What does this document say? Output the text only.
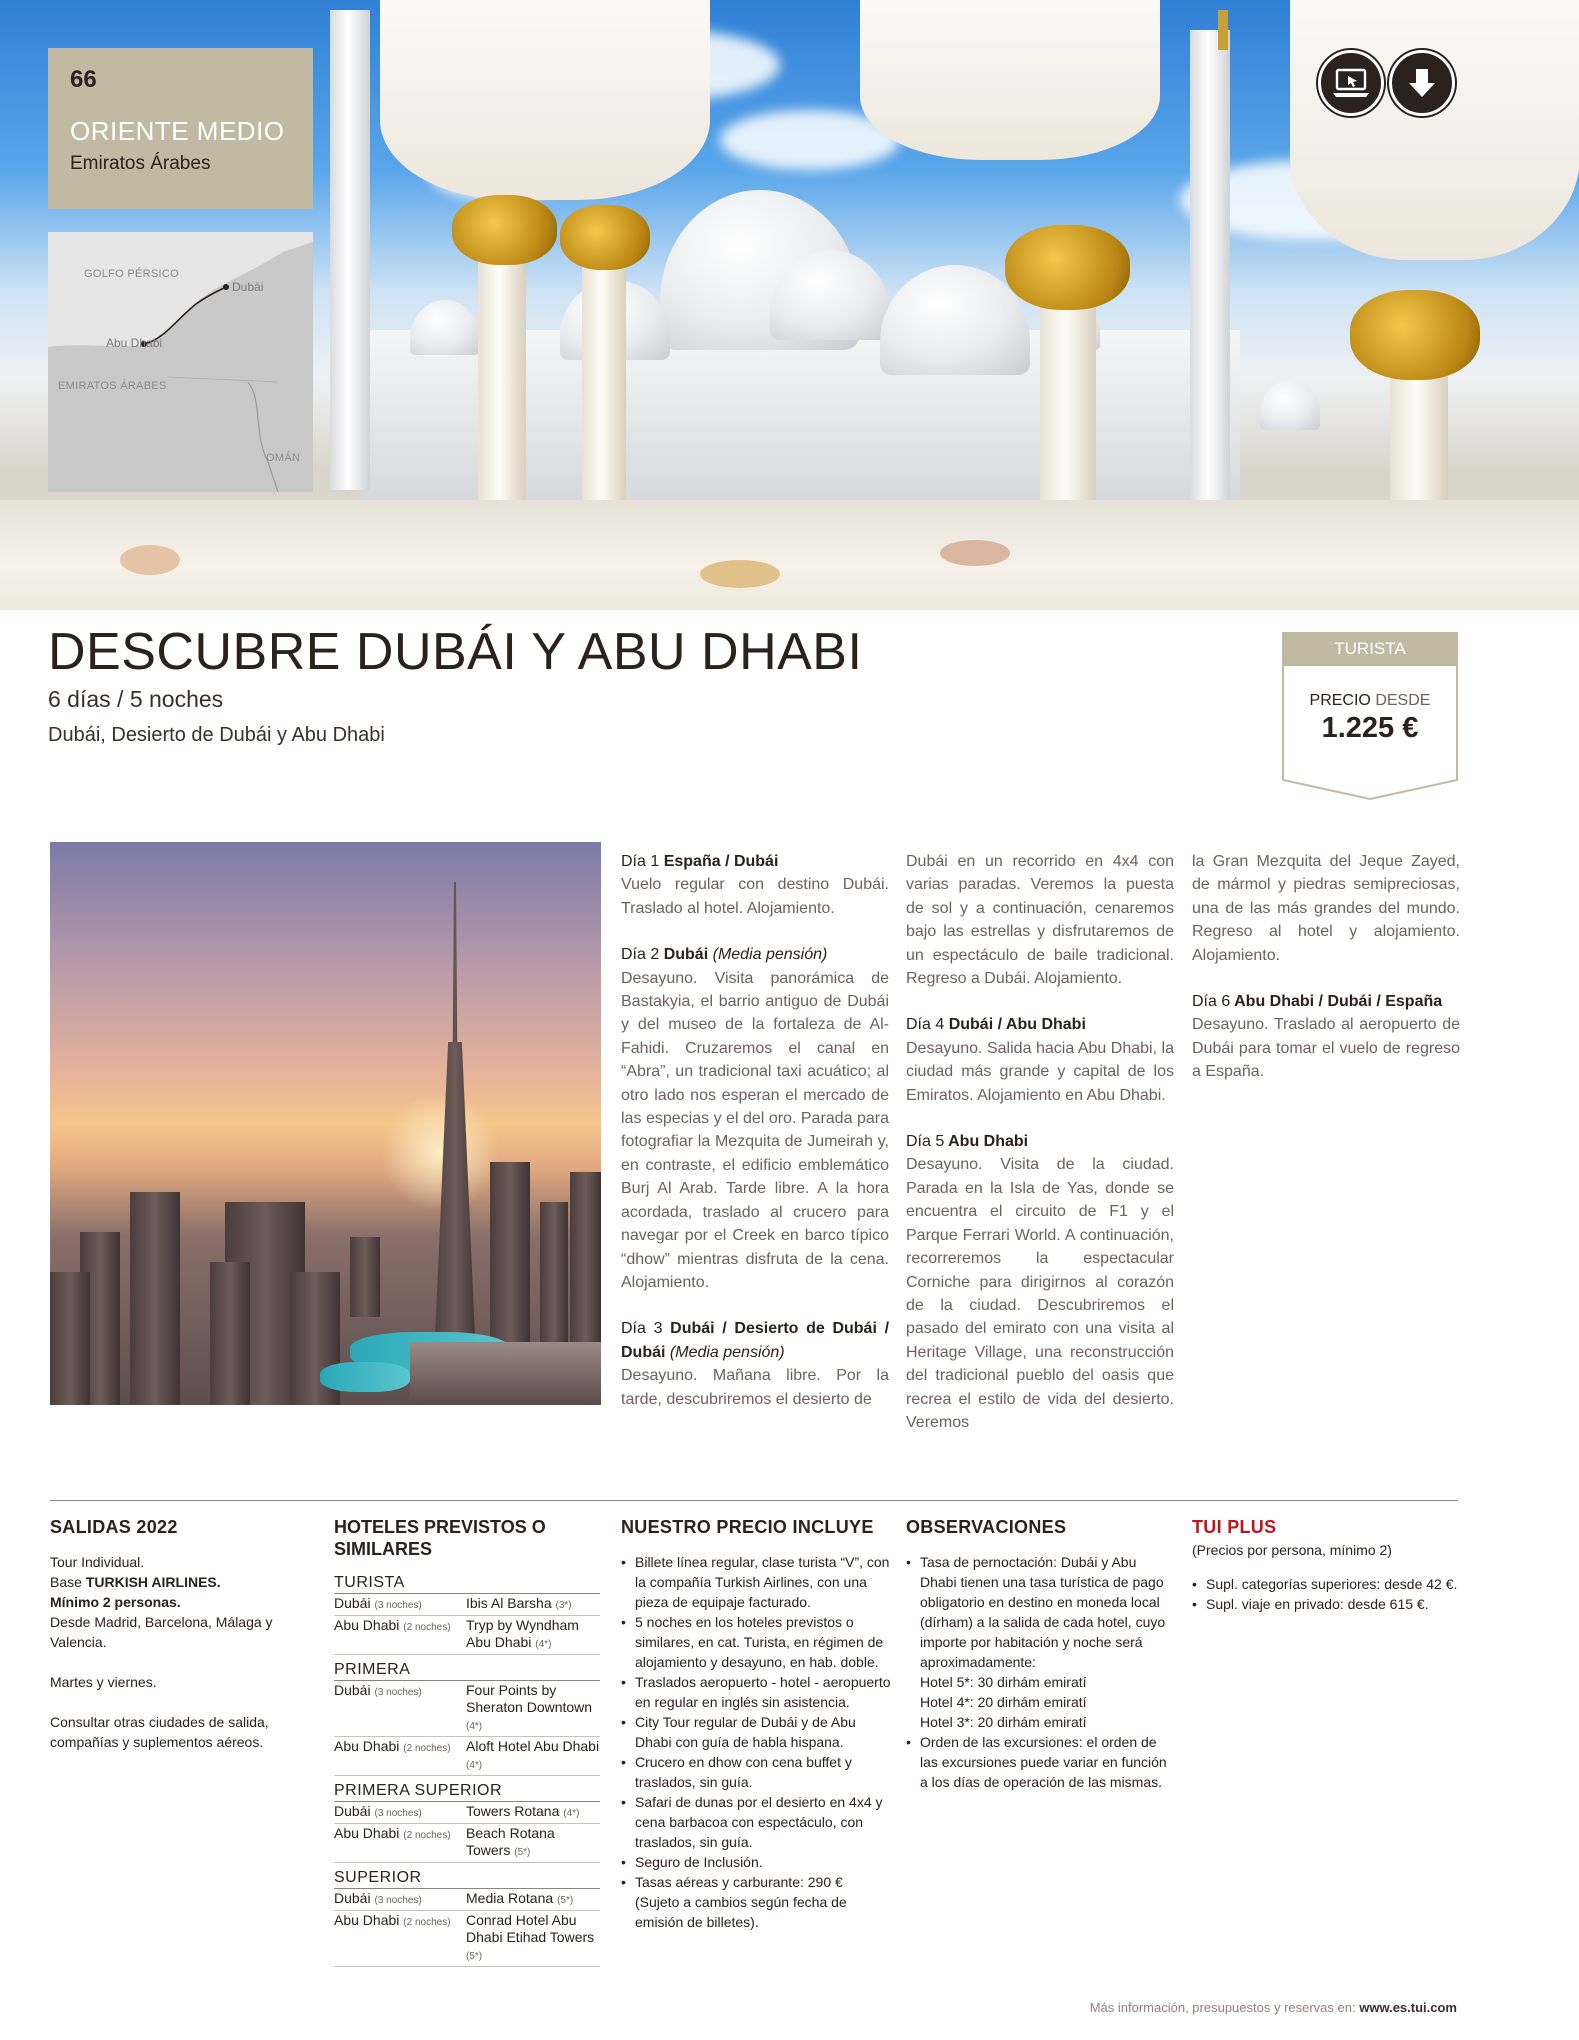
66
ORIENTE MEDIO
Emiratos Árabes
GOLFO PÉRSICO
Dubái
Abu Dhabi
EMIRATOS ÁRABES
OMÁN
DESCUBRE DUBÁI Y ABU DHABI
6 días / 5 noches
Dubái, Desierto de Dubái y Abu Dhabi
TURISTA
PRECIO DESDE
1.225 €

Día 1 España / Dubái
Vuelo regular con destino Dubái. Traslado al hotel. Alojamiento.

Día 2 Dubái (Media pensión)
Desayuno. Visita panorámica de Bastakyia, el barrio antiguo de Dubái y del museo de la fortaleza de Al-Fahidi. Cruzaremos el canal en “Abra”, un tradicional taxi acuático; al otro lado nos esperan el mercado de las especias y el del oro. Parada para fotografiar la Mezquita de Jumeirah y, en contraste, el edificio emblemático Burj Al Arab. Tarde libre. A la hora acordada, traslado al crucero para navegar por el Creek en barco típico “dhow” mientras disfruta de la cena. Alojamiento.

Día 3 Dubái / Desierto de Dubái / Dubái (Media pensión)
Desayuno. Mañana libre. Por la tarde, descubriremos el desierto de

Dubái en un recorrido en 4x4 con varias paradas. Veremos la puesta de sol y a continuación, cenaremos bajo las estrellas y disfrutaremos de un espectáculo de baile tradicional. Regreso a Dubái. Alojamiento.

Día 4 Dubái / Abu Dhabi
Desayuno. Salida hacia Abu Dhabi, la ciudad más grande y capital de los Emiratos. Alojamiento en Abu Dhabi.

Día 5 Abu Dhabi
Desayuno. Visita de la ciudad. Parada en la Isla de Yas, donde se encuentra el circuito de F1 y el Parque Ferrari World. A continuación, recorreremos la espectacular Corniche para dirigirnos al corazón de la ciudad. Descubriremos el pasado del emirato con una visita al Heritage Village, una reconstrucción del tradicional pueblo del oasis que recrea el estilo de vida del desierto. Veremos

la Gran Mezquita del Jeque Zayed, de mármol y piedras semipreciosas, una de las más grandes del mundo. Regreso al hotel y alojamiento. Alojamiento.

Día 6 Abu Dhabi / Dubái / España
Desayuno. Traslado al aeropuerto de Dubái para tomar el vuelo de regreso a España.

SALIDAS 2022
Tour Individual.
Base TURKISH AIRLINES.
Mínimo 2 personas.
Desde Madrid, Barcelona, Málaga y Valencia.
Martes y viernes.
Consultar otras ciudades de salida, compañías y suplementos aéreos.
HOTELES PREVISTOS O SIMILARES
TURISTA
Dubái (3 noches)	Ibis Al Barsha (3*)
Abu Dhabi (2 noches)	Tryp by Wyndham Abu Dhabi (4*)
PRIMERA
Dubái (3 noches)	Four Points by Sheraton Downtown (4*)
Abu Dhabi (2 noches)	Aloft Hotel Abu Dhabi (4*)
PRIMERA SUPERIOR
Dubái (3 noches)	Towers Rotana (4*)
Abu Dhabi (2 noches)	Beach Rotana Towers (5*)
SUPERIOR
Dubái (3 noches)	Media Rotana (5*)
Abu Dhabi (2 noches)	Conrad Hotel Abu Dhabi Etihad Towers (5*)
NUESTRO PRECIO INCLUYE
• Billete línea regular, clase turista “V”, con la compañía Turkish Airlines, con una pieza de equipaje facturado.
• 5 noches en los hoteles previstos o similares, en cat. Turista, en régimen de alojamiento y desayuno, en hab. doble.
• Traslados aeropuerto - hotel - aeropuerto en regular en inglés sin asistencia.
• City Tour regular de Dubái y de Abu Dhabi con guía de habla hispana.
• Crucero en dhow con cena buffet y traslados, sin guía.
• Safari de dunas por el desierto en 4x4 y cena barbacoa con espectáculo, con traslados, sin guía.
• Seguro de Inclusión.
• Tasas aéreas y carburante: 290 € (Sujeto a cambios según fecha de emisión de billetes).
OBSERVACIONES
• Tasa de pernoctación: Dubái y Abu Dhabi tienen una tasa turística de pago obligatorio en destino en moneda local (dírham) a la salida de cada hotel, cuyo importe por habitación y noche será aproximadamente:
Hotel 5*: 30 dirhám emiratí
Hotel 4*: 20 dirhám emiratí
Hotel 3*: 20 dirhám emiratí
• Orden de las excursiones: el orden de las excursiones puede variar en función a los días de operación de las mismas.
TUI PLUS
(Precios por persona, mínimo 2)
• Supl. categorías superiores: desde 42 €.
• Supl. viaje en privado: desde 615 €.
Más información, presupuestos y reservas en: www.es.tui.com
